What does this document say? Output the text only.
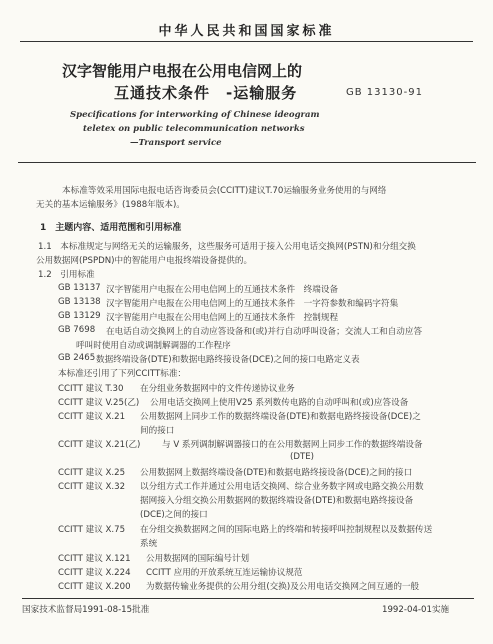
中华人民共和国国家标准
汉字智能用户电报在公用电信网上的
互通技术条件　-运输服务	GB 13130-91
Specifications for interworking of Chinese ideogram
teletex on public telecommunication networks
—Transport service
本标准等效采用国际电报电话咨询委员会(CCITT)建议T.70运输服务业务使用的与网络
无关的基本运输服务》(1988年版本)。
1　主题内容、适用范围和引用标准
1.1　本标准规定与网络无关的运输服务，这些服务可适用于接入公用电话交换网(PSTN)和分组交换
公用数据网(PSPDN)中的智能用户电报终端设备提供的。
1.2　引用标准
GB 13137 汉字智能用户电报在公用电信网上的互通技术条件　终端设备
GB 13138 汉字智能用户电报在公用电信网上的互通技术条件　一字符参数和编码字符集
GB 13129 汉字智能用户电报在公用电信网上的互通技术条件　控制规程
GB 7698 在电话自动交换网上的自动应答设备和(或)并行自动呼叫设备；交流人工和自动应答
呼叫时使用自动或调制解调器的工作程序
GB 2465 数据终端设备(DTE)和数据电路终接设备(DCE)之间的接口电路定义表
本标准还引用了下列CCITT标准：
CCITT 建议 T.30 在分组业务数据网中的文件传递协议业务
CCITT 建议 V.25(乙) 公用电话交换网上使用V25 系列数传电路的自动呼叫和(或)应答设备
CCITT 建议 X.21 公用数据网上同步工作的数据终端设备(DTE)和数据电路终接设备(DCE)之
间的接口
CCITT 建议 X.21(乙)	与 V 系列调制解调器接口的在公用数据网上同步工作的数据终端设备
(DTE)
CCITT 建议 X.25 公用数据网上数据终端设备(DTE)和数据电路终接设备(DCE)之间的接口
CCITT 建议 X.32 以分组方式工作并通过公用电话交换网、综合业务数字网或电路交换公用数
据网接入分组交换公用数据网的数据终端设备(DTE)和数据电路终接设备
(DCE)之间的接口
CCITT 建议 X.75 在分组交换数据网之间的国际电路上的终端和转接呼叫控制规程以及数据传送
系统
CCITT 建议 X.121 公用数据网的国际编号计划
CCITT 建议 X.224 CCITT 应用的开放系统互连运输协议规范
CCITT 建议 X.200 为数据传输业务提供的公用分组(交换)及公用电话交换网之间互通的一般
国家技术监督局1991-08-15批准	1992-04-01实施
